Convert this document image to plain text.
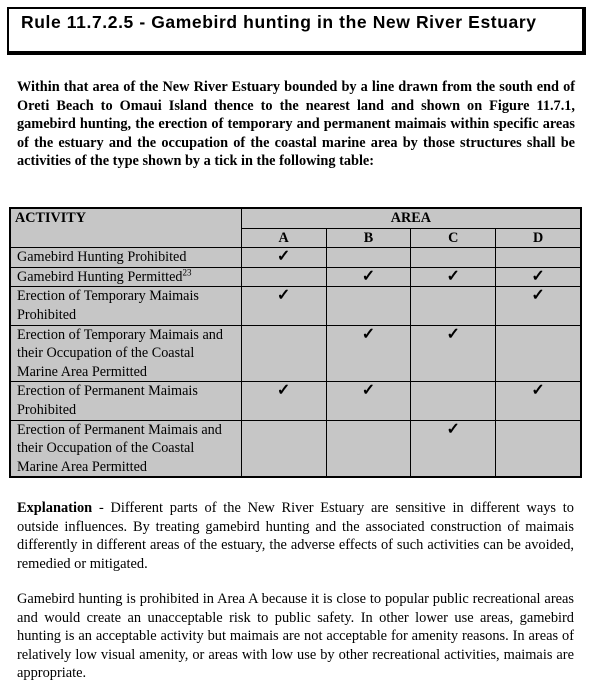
Rule 11.7.2.5 - Gamebird hunting in the New River Estuary

Within that area of the New River Estuary bounded by a line drawn from the south end of Oreti Beach to Omaui Island thence to the nearest land and shown on Figure 11.7.1, gamebird hunting, the erection of temporary and permanent maimais within specific areas of the estuary and the occupation of the coastal marine area by those structures shall be activities of the type shown by a tick in the following table:

ACTIVITY	AREA			
	A	B	C	D
Gamebird Hunting Prohibited	✓			
Gamebird Hunting Permitted$^{23}$		✓	✓	✓
Erection of Temporary Maimais Prohibited	✓			✓
Erection of Temporary Maimais and their Occupation of the Coastal Marine Area Permitted		✓	✓	
Erection of Permanent Maimais Prohibited	✓	✓		✓
Erection of Permanent Maimais and their Occupation of the Coastal Marine Area Permitted			✓	

Explanation - Different parts of the New River Estuary are sensitive in different ways to outside influences. By treating gamebird hunting and the associated construction of maimais differently in different areas of the estuary, the adverse effects of such activities can be avoided, remedied or mitigated.

Gamebird hunting is prohibited in Area A because it is close to popular public recreational areas and would create an unacceptable risk to public safety. In other lower use areas, gamebird hunting is an acceptable activity but maimais are not acceptable for amenity reasons. In areas of relatively low visual amenity, or areas with low use by other recreational activities, maimais are appropriate.
